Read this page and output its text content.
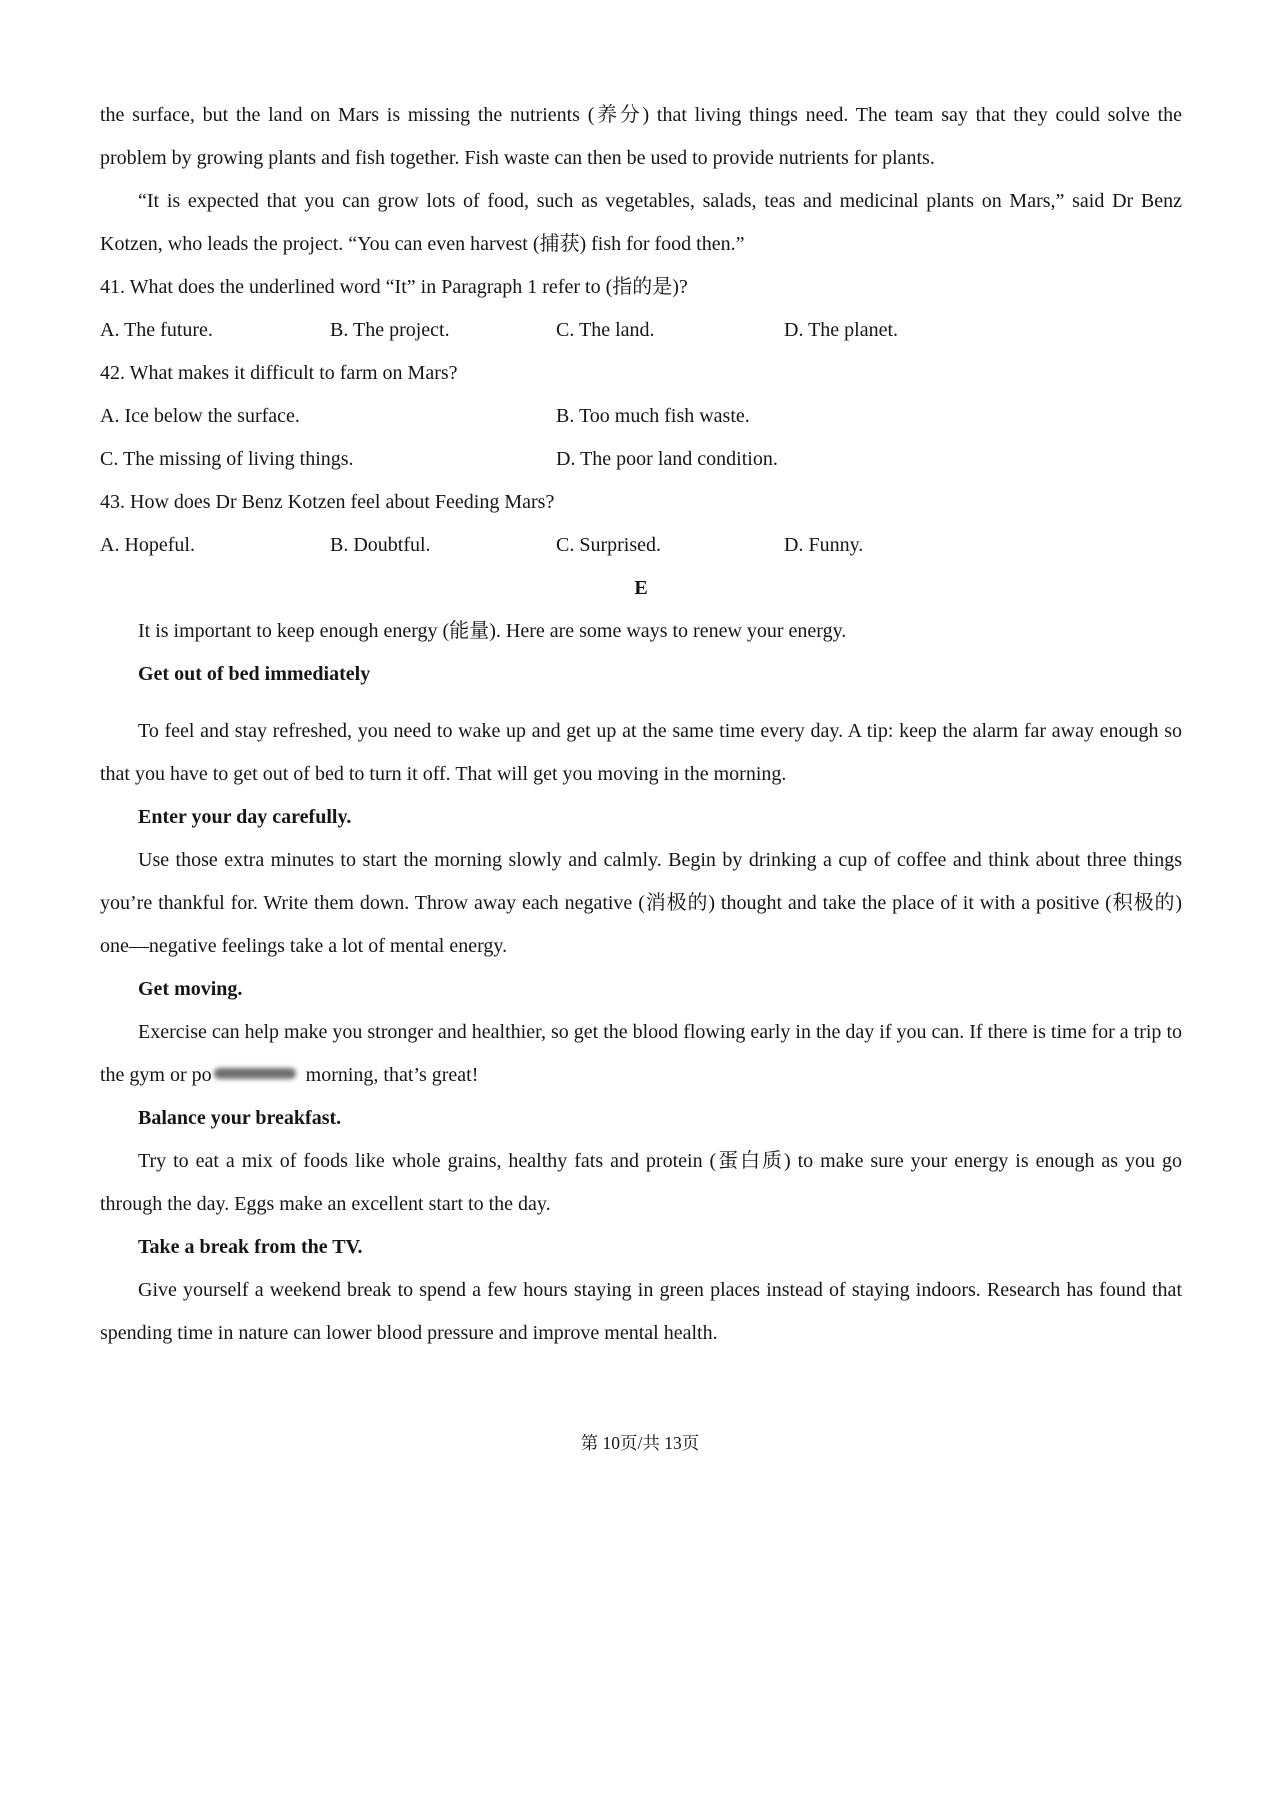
the surface, but the land on Mars is missing the nutrients (养分) that living things need. The team say that they could solve the problem by growing plants and fish together. Fish waste can then be used to provide nutrients for plants.

“It is expected that you can grow lots of food, such as vegetables, salads, teas and medicinal plants on Mars,” said Dr Benz Kotzen, who leads the project. “You can even harvest (捕获) fish for food then.”

41. What does the underlined word “It” in Paragraph 1 refer to (指的是)?

A. The future.	B. The project.	C. The land.	D. The planet.

42. What makes it difficult to farm on Mars?

A. Ice below the surface.	B. Too much fish waste.

C. The missing of living things.	D. The poor land condition.

43. How does Dr Benz Kotzen feel about Feeding Mars?

A. Hopeful.	B. Doubtful.	C. Surprised.	D. Funny.

E

It is important to keep enough energy (能量). Here are some ways to renew your energy.

Get out of bed immediately

To feel and stay refreshed, you need to wake up and get up at the same time every day. A tip: keep the alarm far away enough so that you have to get out of bed to turn it off. That will get you moving in the morning.

Enter your day carefully.

Use those extra minutes to start the morning slowly and calmly. Begin by drinking a cup of coffee and think about three things you’re thankful for. Write them down. Throw away each negative (消极的) thought and take the place of it with a positive (积极的) one—negative feelings take a lot of mental energy.

Get moving.

Exercise can help make you stronger and healthier, so get the blood flowing early in the day if you can. If there is time for a trip to the gym or po	morning, that’s great!

Balance your breakfast.

Try to eat a mix of foods like whole grains, healthy fats and protein (蛋白质) to make sure your energy is enough as you go through the day. Eggs make an excellent start to the day.

Take a break from the TV.

Give yourself a weekend break to spend a few hours staying in green places instead of staying indoors. Research has found that spending time in nature can lower blood pressure and improve mental health.

第 10页/共 13页
